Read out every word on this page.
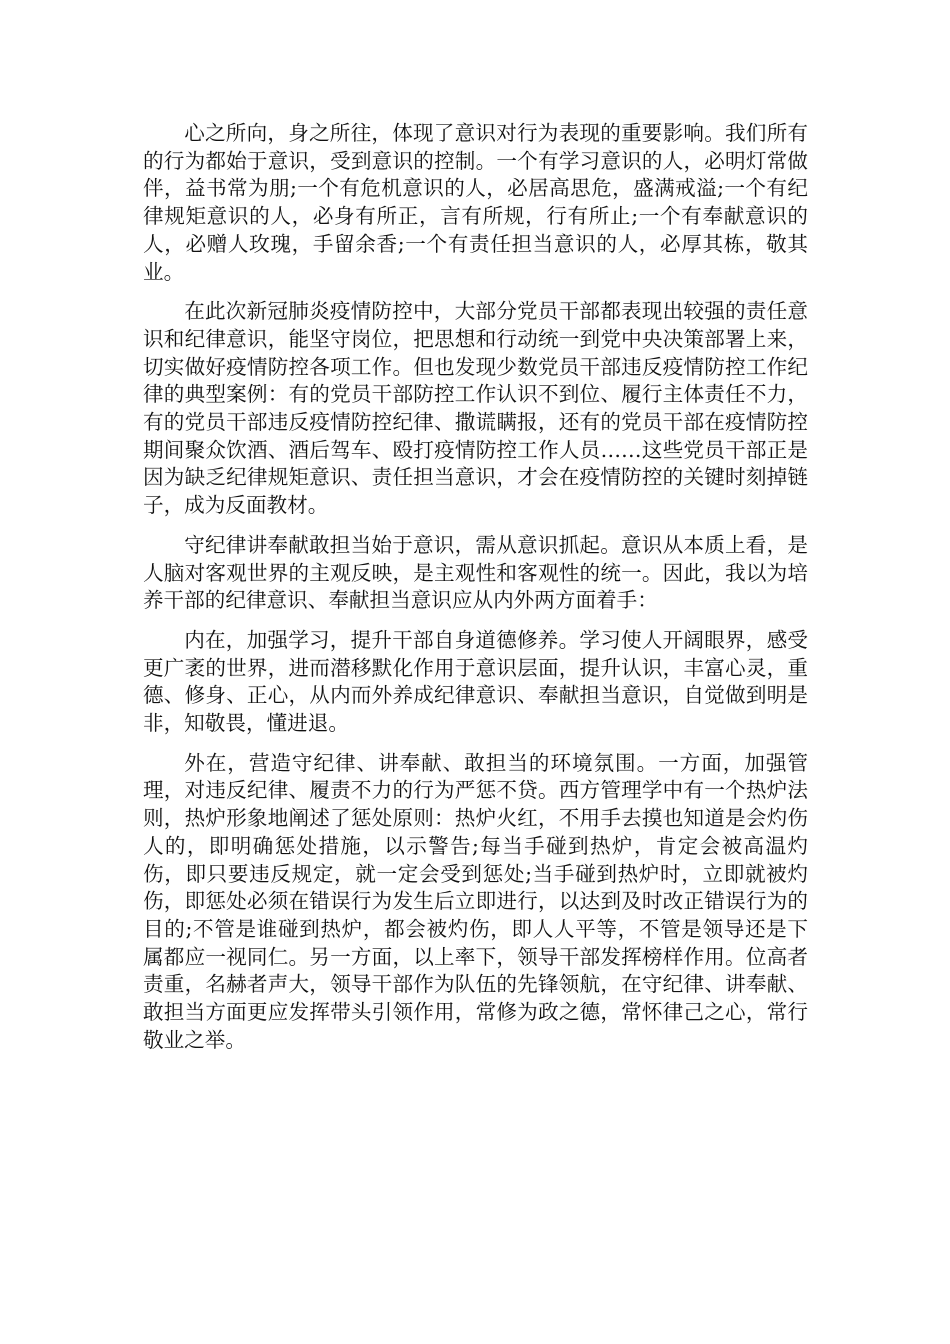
心之所向，身之所往，体现了意识对行为表现的重要影响。我们所有的行为都始于意识，受到意识的控制。一个有学习意识的人，必明灯常做伴，益书常为朋;一个有危机意识的人，必居高思危，盛满戒溢;一个有纪律规矩意识的人，必身有所正，言有所规，行有所止;一个有奉献意识的人，必赠人玫瑰，手留余香;一个有责任担当意识的人，必厚其栋，敬其业。

在此次新冠肺炎疫情防控中，大部分党员干部都表现出较强的责任意识和纪律意识，能坚守岗位，把思想和行动统一到党中央决策部署上来，切实做好疫情防控各项工作。但也发现少数党员干部违反疫情防控工作纪律的典型案例：有的党员干部防控工作认识不到位、履行主体责任不力，有的党员干部违反疫情防控纪律、撒谎瞒报，还有的党员干部在疫情防控期间聚众饮酒、酒后驾车、殴打疫情防控工作人员……这些党员干部正是因为缺乏纪律规矩意识、责任担当意识，才会在疫情防控的关键时刻掉链子，成为反面教材。

守纪律讲奉献敢担当始于意识，需从意识抓起。意识从本质上看，是人脑对客观世界的主观反映，是主观性和客观性的统一。因此，我以为培养干部的纪律意识、奉献担当意识应从内外两方面着手：

内在，加强学习，提升干部自身道德修养。学习使人开阔眼界，感受更广袤的世界，进而潜移默化作用于意识层面，提升认识，丰富心灵，重德、修身、正心，从内而外养成纪律意识、奉献担当意识，自觉做到明是非，知敬畏，懂进退。

外在，营造守纪律、讲奉献、敢担当的环境氛围。一方面，加强管理，对违反纪律、履责不力的行为严惩不贷。西方管理学中有一个热炉法则，热炉形象地阐述了惩处原则：热炉火红，不用手去摸也知道是会灼伤人的，即明确惩处措施，以示警告;每当手碰到热炉，肯定会被高温灼伤，即只要违反规定，就一定会受到惩处;当手碰到热炉时，立即就被灼伤，即惩处必须在错误行为发生后立即进行，以达到及时改正错误行为的目的;不管是谁碰到热炉，都会被灼伤，即人人平等，不管是领导还是下属都应一视同仁。另一方面，以上率下，领导干部发挥榜样作用。位高者责重，名赫者声大，领导干部作为队伍的先锋领航，在守纪律、讲奉献、敢担当方面更应发挥带头引领作用，常修为政之德，常怀律己之心，常行敬业之举。
